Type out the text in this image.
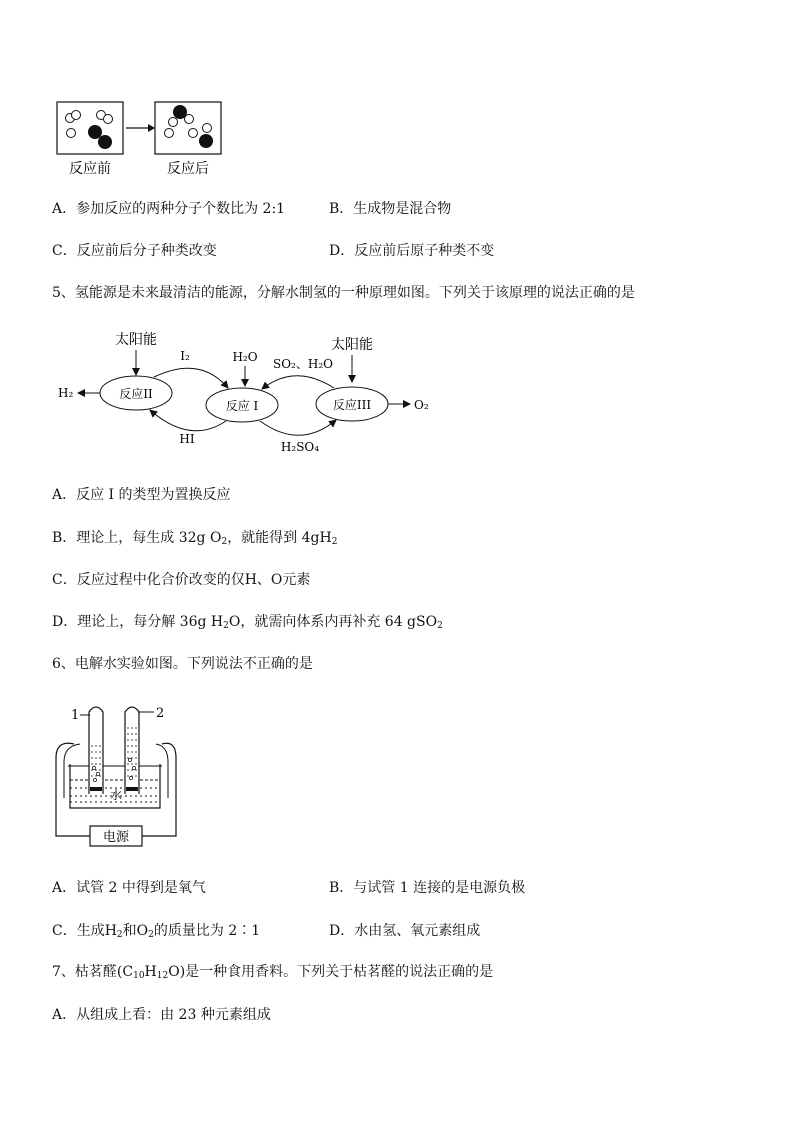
反应前	反应后
A．参加反应的两种分子个数比为 2:1	B．生成物是混合物
C．反应前后分子种类改变	D．反应前后原子种类不变
5、氢能源是未来最清洁的能源，分解水制氢的一种原理如图。下列关于该原理的说法正确的是
太阳能	太阳能
反应II
反应 I	反应III
H₂
O₂
H₂O
I₂
HI
SO₂、H₂O
H₂SO₄
A．反应 I 的类型为置换反应
B．理论上，每生成 32g $O_2$，就能得到 $4gH_2$
C．反应过程中化合价改变的仅H、O元素
D．理论上，每分解 36g $H_2O$，就需向体系内再补充 64 gSO$_2$
6、电解水实验如图。下列说法不正确的是
水
1	2
电源
A．试管 2 中得到是氧气	B．与试管 1 连接的是电源负极
C．生成$H_2$和$O_2$的质量比为 2∶1	D．水由氢、氧元素组成
7、枯茗醛$(C_{10}H_{12}O)$是一种食用香料。下列关于枯茗醛的说法正确的是
A．从组成上看：由 23 种元素组成
